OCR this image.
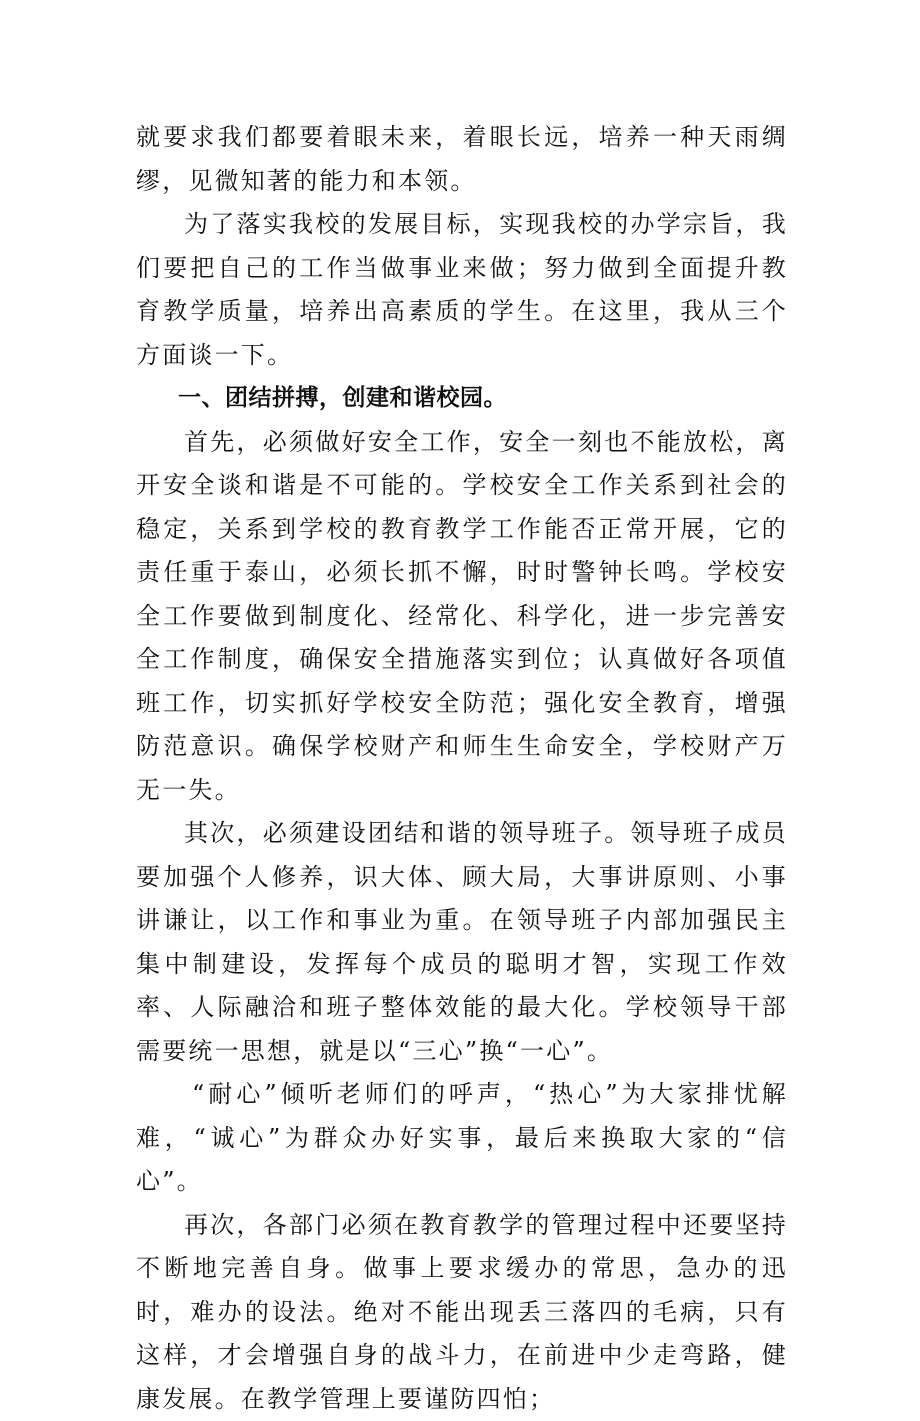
就要求我们都要着眼未来，着眼长远，培养一种天雨绸缪，见微知著的能力和本领。

为了落实我校的发展目标，实现我校的办学宗旨，我们要把自己的工作当做事业来做；努力做到全面提升教育教学质量，培养出高素质的学生。在这里，我从三个方面谈一下。

一、团结拼搏，创建和谐校园。

首先，必须做好安全工作，安全一刻也不能放松，离开安全谈和谐是不可能的。学校安全工作关系到社会的稳定，关系到学校的教育教学工作能否正常开展，它的责任重于泰山，必须长抓不懈，时时警钟长鸣。学校安全工作要做到制度化、经常化、科学化，进一步完善安全工作制度，确保安全措施落实到位；认真做好各项值班工作，切实抓好学校安全防范；强化安全教育，增强防范意识。确保学校财产和师生生命安全，学校财产万无一失。

其次，必须建设团结和谐的领导班子。领导班子成员要加强个人修养，识大体、顾大局，大事讲原则、小事讲谦让，以工作和事业为重。在领导班子内部加强民主集中制建设，发挥每个成员的聪明才智，实现工作效率、人际融洽和班子整体效能的最大化。学校领导干部需要统一思想，就是以“三心”换“一心”。

“耐心”倾听老师们的呼声，“热心”为大家排忧解难，“诚心”为群众办好实事，最后来换取大家的“信心”。

再次，各部门必须在教育教学的管理过程中还要坚持不断地完善自身。做事上要求缓办的常思，急办的迅时，难办的设法。绝对不能出现丢三落四的毛病，只有这样，才会增强自身的战斗力，在前进中少走弯路，健康发展。在教学管理上要谨防四怕；
